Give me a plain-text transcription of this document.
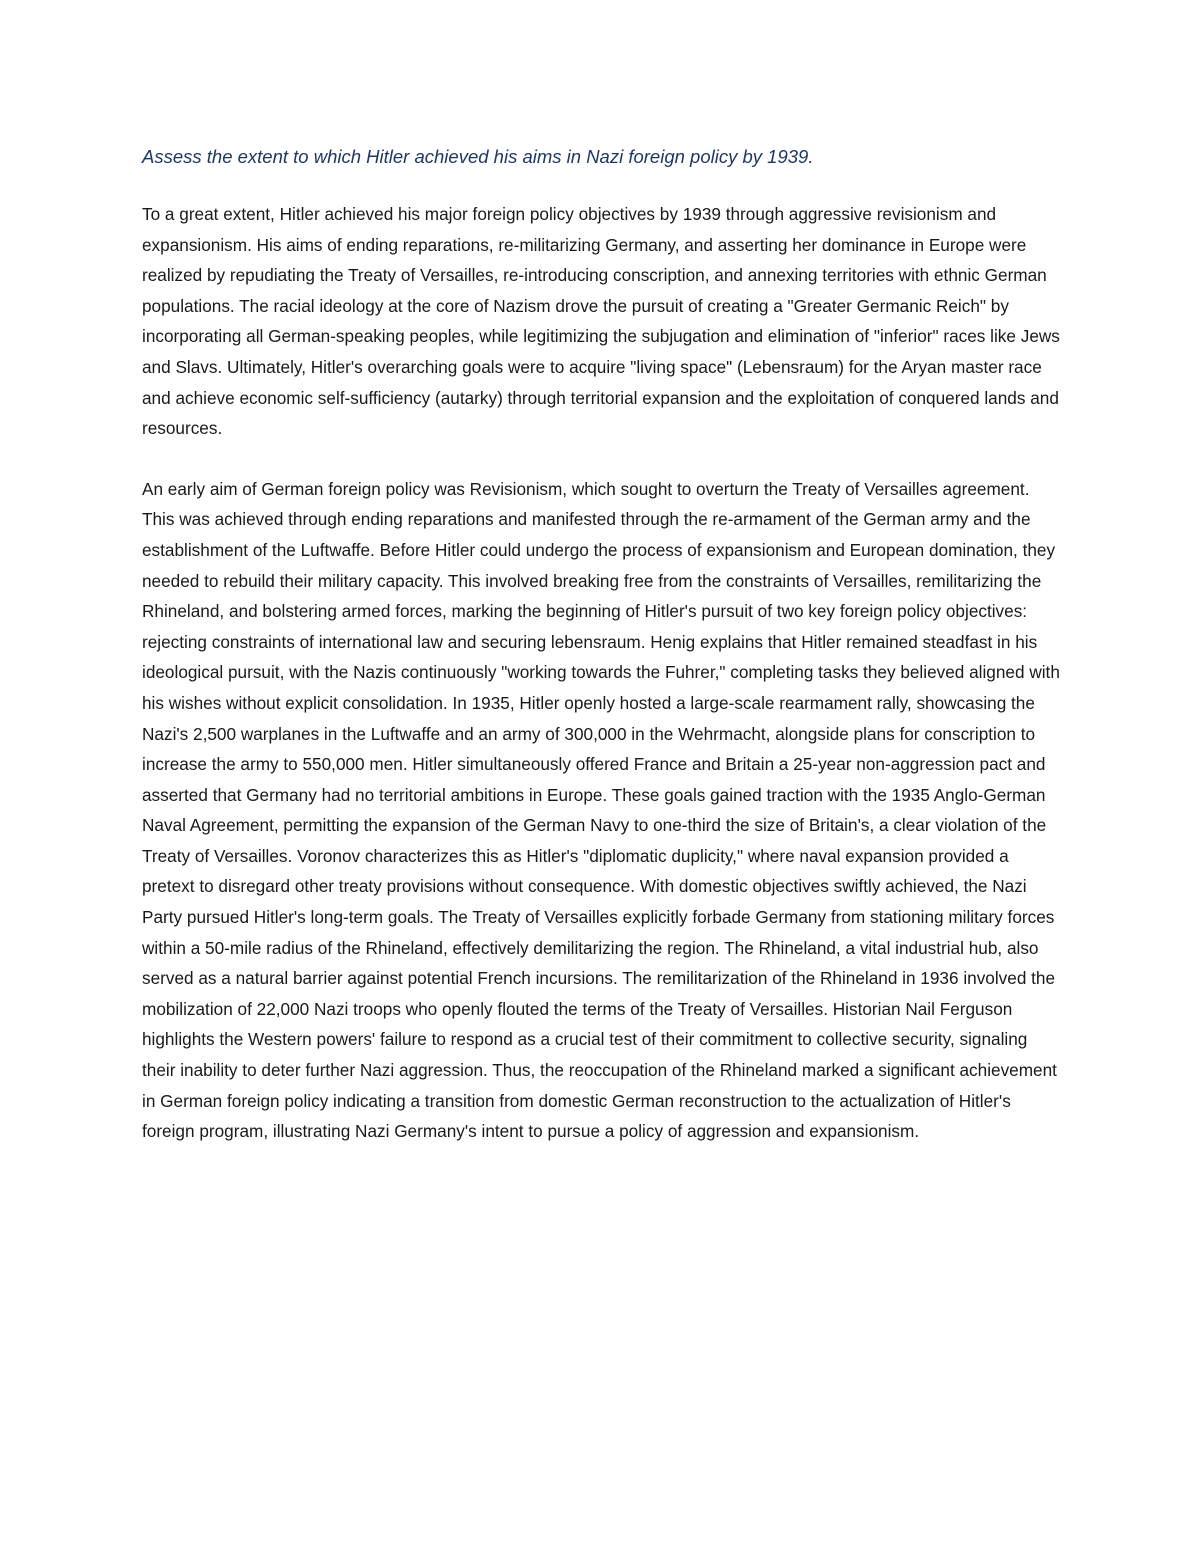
Assess the extent to which Hitler achieved his aims in Nazi foreign policy by 1939.

To a great extent, Hitler achieved his major foreign policy objectives by 1939 through aggressive revisionism and expansionism. His aims of ending reparations, re-militarizing Germany, and asserting her dominance in Europe were realized by repudiating the Treaty of Versailles, re-introducing conscription, and annexing territories with ethnic German populations. The racial ideology at the core of Nazism drove the pursuit of creating a "Greater Germanic Reich" by incorporating all German-speaking peoples, while legitimizing the subjugation and elimination of "inferior" races like Jews and Slavs. Ultimately, Hitler's overarching goals were to acquire "living space" (Lebensraum) for the Aryan master race and achieve economic self-sufficiency (autarky) through territorial expansion and the exploitation of conquered lands and resources.

An early aim of German foreign policy was Revisionism, which sought to overturn the Treaty of Versailles agreement. This was achieved through ending reparations and manifested through the re-armament of the German army and the establishment of the Luftwaffe. Before Hitler could undergo the process of expansionism and European domination, they needed to rebuild their military capacity. This involved breaking free from the constraints of Versailles, remilitarizing the Rhineland, and bolstering armed forces, marking the beginning of Hitler's pursuit of two key foreign policy objectives: rejecting constraints of international law and securing lebensraum. Henig explains that Hitler remained steadfast in his ideological pursuit, with the Nazis continuously "working towards the Fuhrer," completing tasks they believed aligned with his wishes without explicit consolidation. In 1935, Hitler openly hosted a large-scale rearmament rally, showcasing the Nazi's 2,500 warplanes in the Luftwaffe and an army of 300,000 in the Wehrmacht, alongside plans for conscription to increase the army to 550,000 men. Hitler simultaneously offered France and Britain a 25-year non-aggression pact and asserted that Germany had no territorial ambitions in Europe. These goals gained traction with the 1935 Anglo-German Naval Agreement, permitting the expansion of the German Navy to one-third the size of Britain's, a clear violation of the Treaty of Versailles. Voronov characterizes this as Hitler's "diplomatic duplicity," where naval expansion provided a pretext to disregard other treaty provisions without consequence. With domestic objectives swiftly achieved, the Nazi Party pursued Hitler's long-term goals. The Treaty of Versailles explicitly forbade Germany from stationing military forces within a 50-mile radius of the Rhineland, effectively demilitarizing the region. The Rhineland, a vital industrial hub, also served as a natural barrier against potential French incursions. The remilitarization of the Rhineland in 1936 involved the mobilization of 22,000 Nazi troops who openly flouted the terms of the Treaty of Versailles. Historian Nail Ferguson highlights the Western powers' failure to respond as a crucial test of their commitment to collective security, signaling their inability to deter further Nazi aggression. Thus, the reoccupation of the Rhineland marked a significant achievement in German foreign policy indicating a transition from domestic German reconstruction to the actualization of Hitler's foreign program, illustrating Nazi Germany's intent to pursue a policy of aggression and expansionism.
